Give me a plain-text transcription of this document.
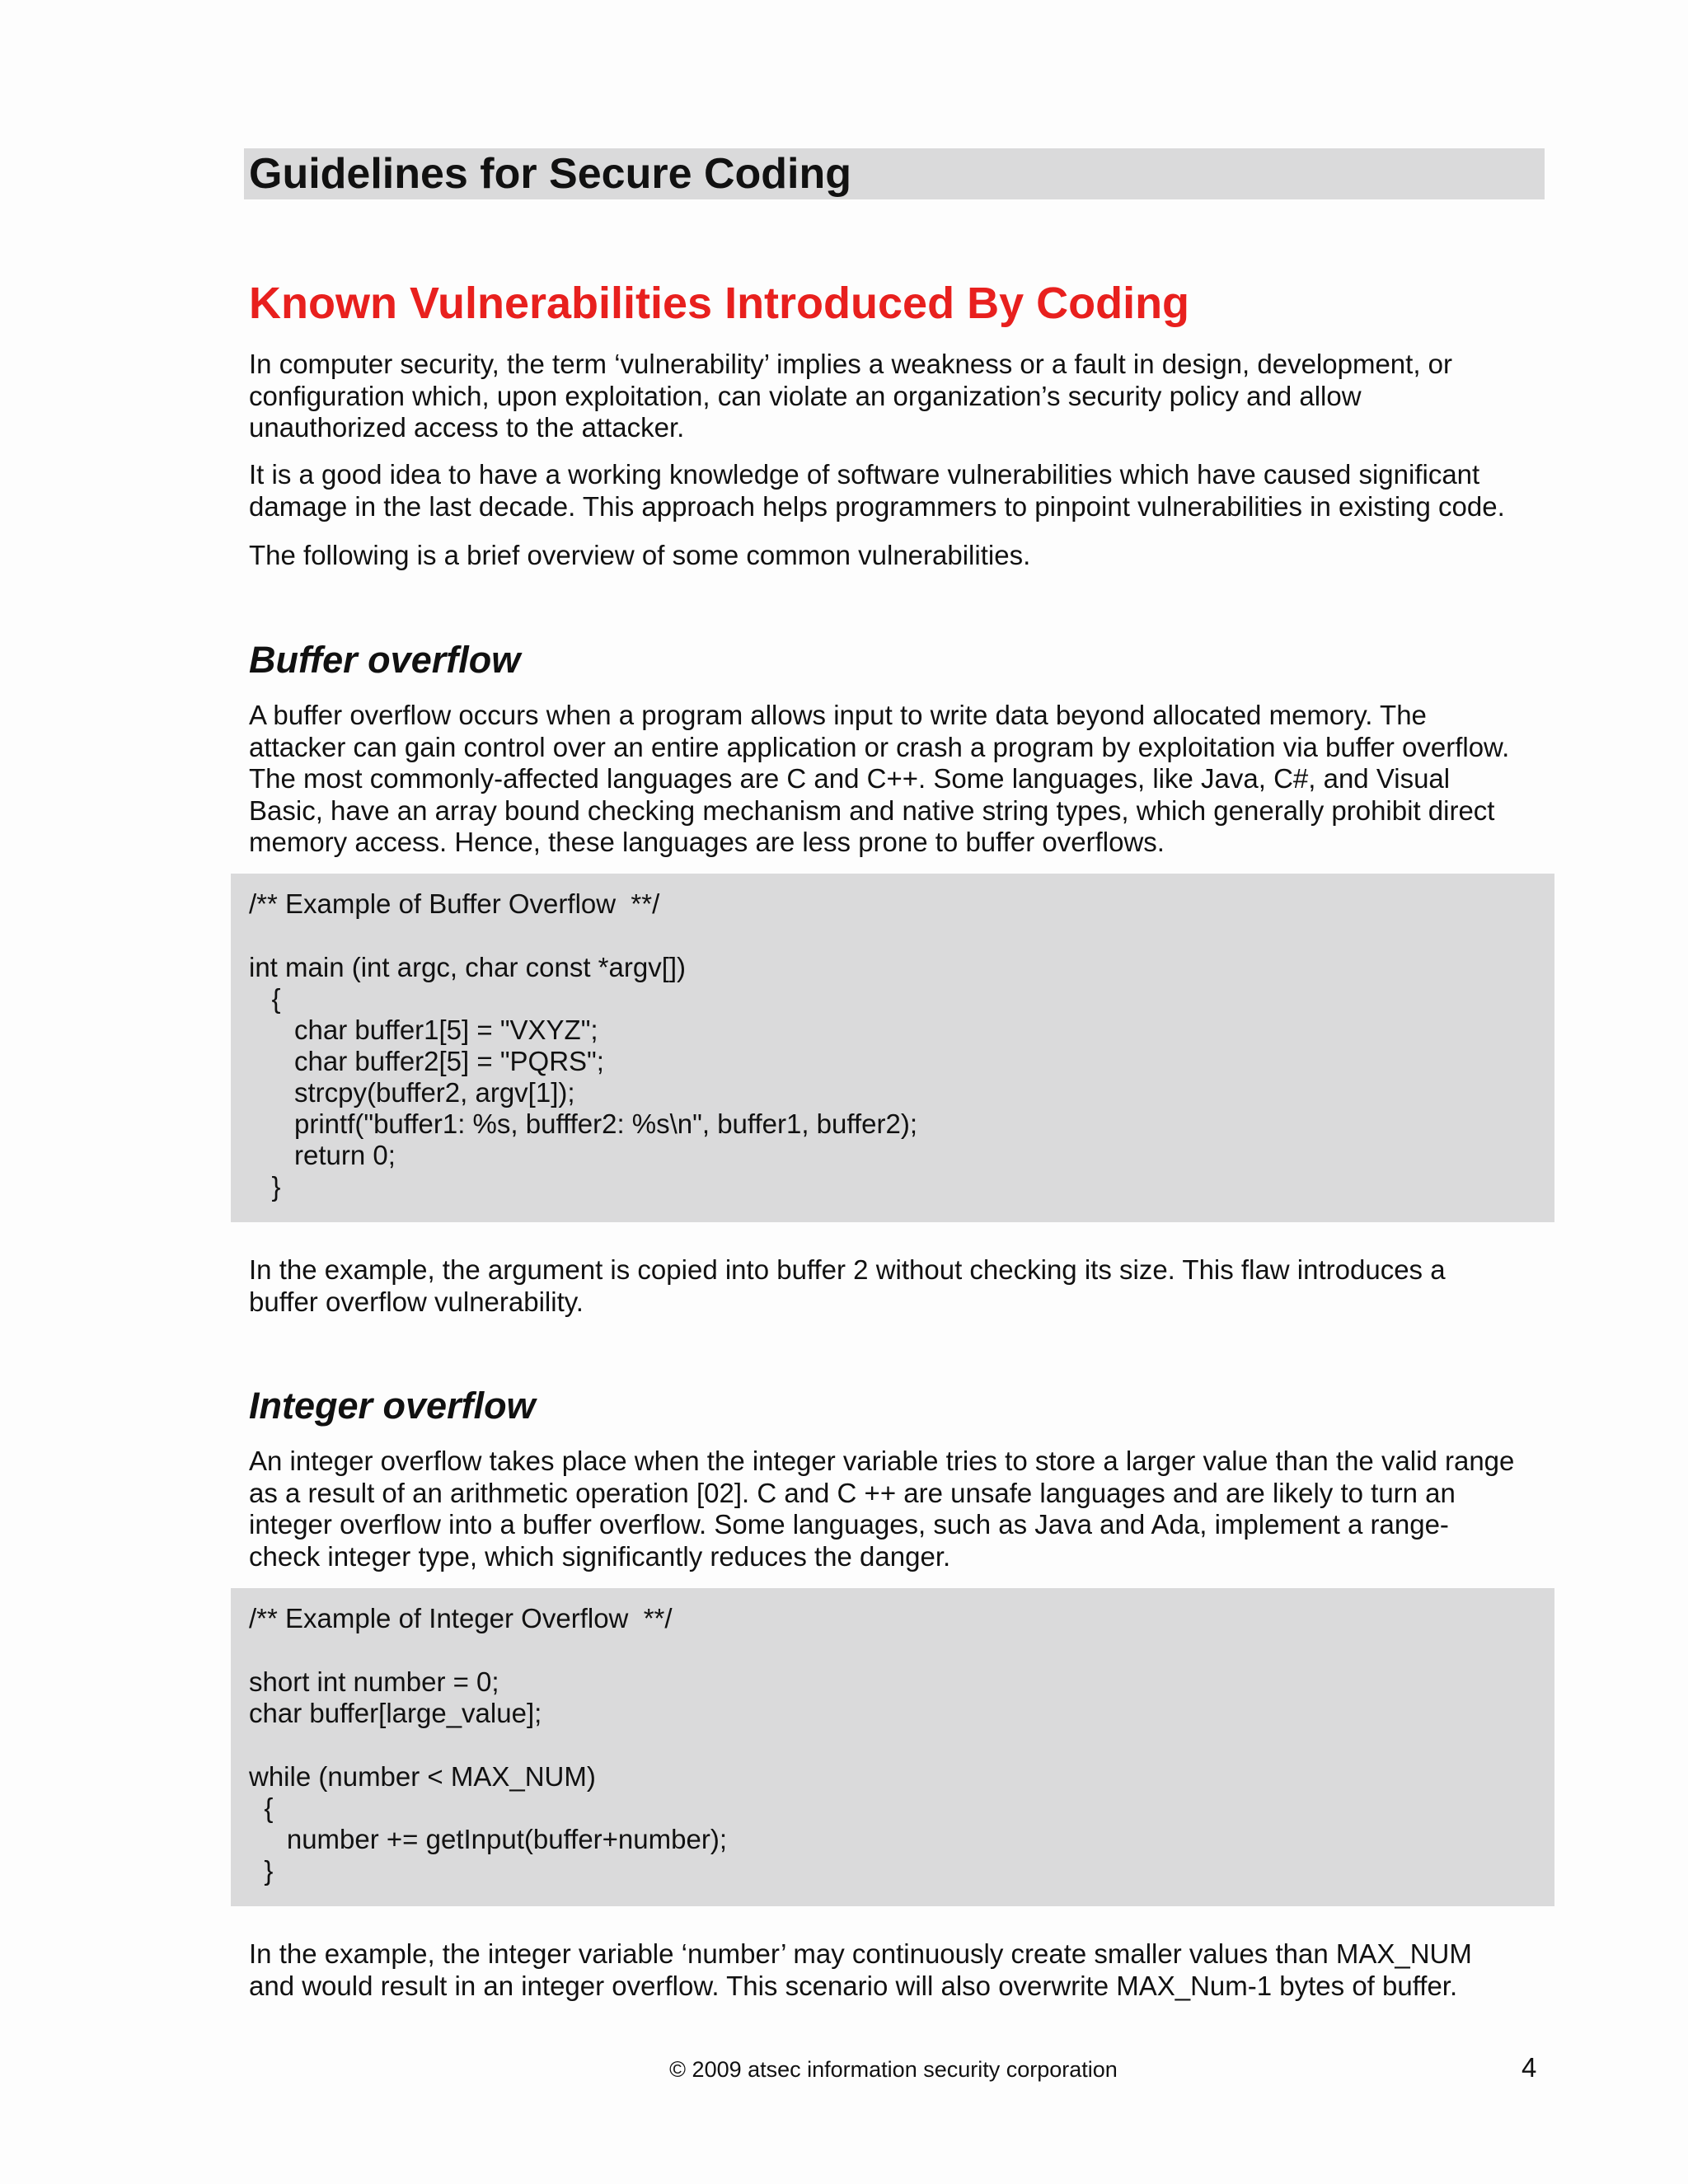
Guidelines for Secure Coding
Known Vulnerabilities Introduced By Coding

In computer security, the term ‘vulnerability’ implies a weakness or a fault in design, development, or
configuration which, upon exploitation, can violate an organization’s security policy and allow
unauthorized access to the attacker.

It is a good idea to have a working knowledge of software vulnerabilities which have caused significant
damage in the last decade. This approach helps programmers to pinpoint vulnerabilities in existing code.

The following is a brief overview of some common vulnerabilities.

Buffer overflow

A buffer overflow occurs when a program allows input to write data beyond allocated memory. The
attacker can gain control over an entire application or crash a program by exploitation via buffer overflow.
The most commonly-affected languages are C and C++. Some languages, like Java, C#, and Visual
Basic, have an array bound checking mechanism and native string types, which generally prohibit direct
memory access. Hence, these languages are less prone to buffer overflows.

/** Example of Buffer Overflow  **/
int main (int argc, char const *argv[])
{
char buffer1[5] = "VXYZ";
char buffer2[5] = "PQRS";
strcpy(buffer2, argv[1]);
printf("buffer1: %s, bufffer2: %s\n", buffer1, buffer2);
return 0;
}

In the example, the argument is copied into buffer 2 without checking its size. This flaw introduces a
buffer overflow vulnerability.

Integer overflow

An integer overflow takes place when the integer variable tries to store a larger value than the valid range
as a result of an arithmetic operation [02]. C and C ++ are unsafe languages and are likely to turn an
integer overflow into a buffer overflow. Some languages, such as Java and Ada, implement a range-
check integer type, which significantly reduces the danger.

/** Example of Integer Overflow  **/
short int number = 0;
char buffer[large_value];
while (number < MAX_NUM)
{
number += getInput(buffer+number);
}

In the example, the integer variable ‘number’ may continuously create smaller values than MAX_NUM
and would result in an integer overflow. This scenario will also overwrite MAX_Num-1 bytes of buffer.

© 2009 atsec information security corporation	4
